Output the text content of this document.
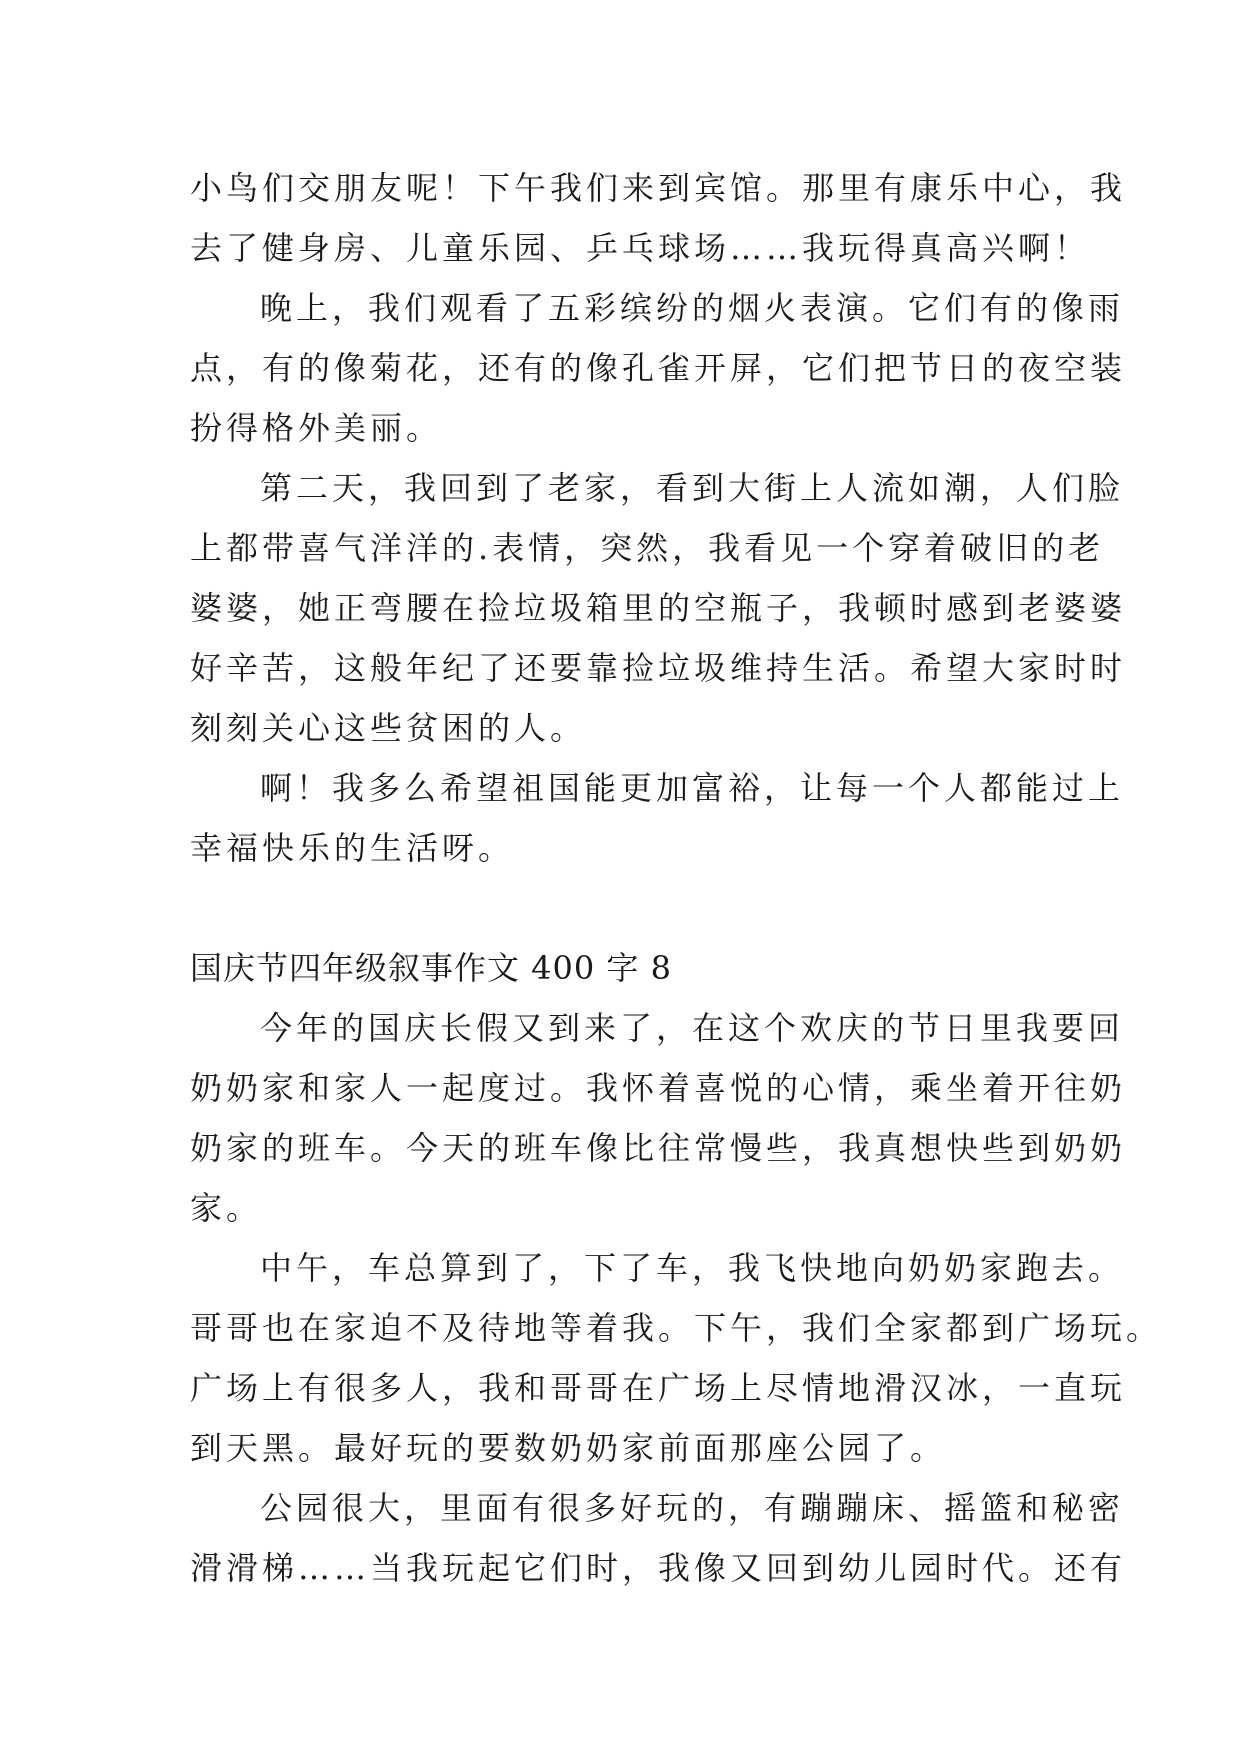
小鸟们交朋友呢！下午我们来到宾馆。那里有康乐中心，我
去了健身房、儿童乐园、乒乓球场……我玩得真高兴啊！
晚上，我们观看了五彩缤纷的烟火表演。它们有的像雨
点，有的像菊花，还有的像孔雀开屏，它们把节日的夜空装
扮得格外美丽。
第二天，我回到了老家，看到大街上人流如潮，人们脸
上都带喜气洋洋的.表情，突然，我看见一个穿着破旧的老
婆婆，她正弯腰在捡垃圾箱里的空瓶子，我顿时感到老婆婆
好辛苦，这般年纪了还要靠捡垃圾维持生活。希望大家时时
刻刻关心这些贫困的人。
啊！我多么希望祖国能更加富裕，让每一个人都能过上
幸福快乐的生活呀。
国庆节四年级叙事作文 400 字 8
今年的国庆长假又到来了，在这个欢庆的节日里我要回
奶奶家和家人一起度过。我怀着喜悦的心情，乘坐着开往奶
奶家的班车。今天的班车像比往常慢些，我真想快些到奶奶
家。
中午，车总算到了，下了车，我飞快地向奶奶家跑去。
哥哥也在家迫不及待地等着我。下午，我们全家都到广场玩。
广场上有很多人，我和哥哥在广场上尽情地滑汉冰，一直玩
到天黑。最好玩的要数奶奶家前面那座公园了。
公园很大，里面有很多好玩的，有蹦蹦床、摇篮和秘密
滑滑梯……当我玩起它们时，我像又回到幼儿园时代。还有
